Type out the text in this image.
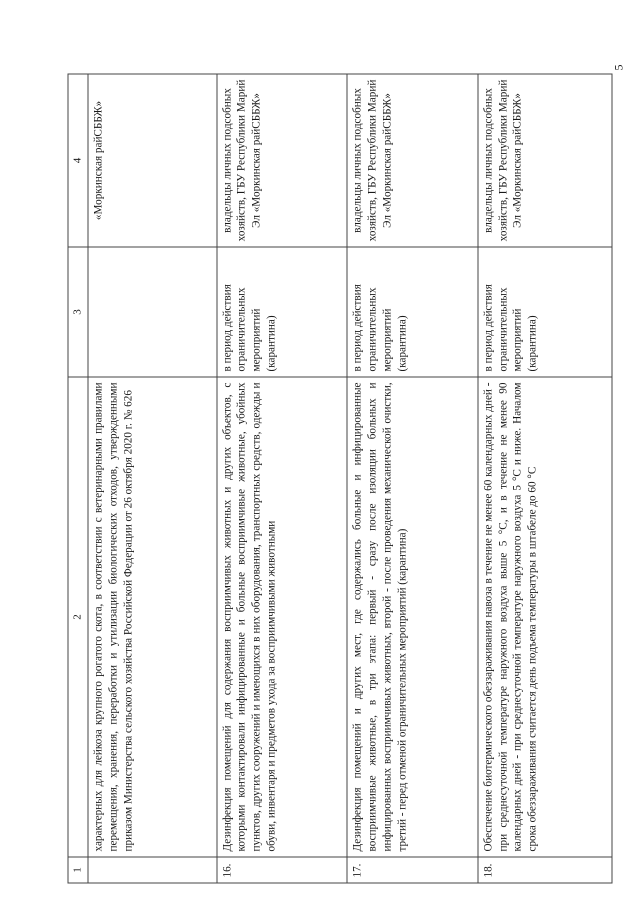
5
1	2	3	4
	характерных для лейкоза крупного рогатого скота, в соответствии с ветеринарными правилами перемещения, хранения, переработки и утилизации биологических отходов, утвержденными приказом Министерства сельского хозяйства Российской Федерации от 26 октября 2020 г. № 626		«Моркинская райСББЖ»
16.	Дезинфекция помещений для содержания восприимчивых животных и других объектов, с которыми контактировали инфицированные и больные восприимчивые животные, убойных пунктов, других сооружений и имеющихся в них оборудования, транспортных средств, одежды и обуви, инвентаря и предметов ухода за восприимчивыми животными	в период действия ограничительных мероприятий (карантина)	владельцы личных подсобных хозяйств, ГБУ Республики Марий Эл «Моркинская райСББЖ»
17.	Дезинфекция помещений и других мест, где содержались больные и инфицированные восприимчивые животные, в три этапа: первый - сразу после изоляции больных и инфицированных восприимчивых животных, второй - после проведения механической очистки, третий - перед отменой ограничительных мероприятий (карантина)	в период действия ограничительных мероприятий (карантина)	владельцы личных подсобных хозяйств, ГБУ Республики Марий Эл «Моркинская райСББЖ»
18.	Обеспечение биотермического обеззараживания навоза в течение не менее 60 календарных дней - при среднесуточной температуре наружного воздуха выше 5 °С, и в течение не менее 90 календарных дней - при среднесуточной температуре наружного воздуха 5 °С и ниже. Началом срока обеззараживания считается день подъема температуры в штабеле до 60 °С	в период действия ограничительных мероприятий (карантина)	владельцы личных подсобных хозяйств, ГБУ Республики Марий Эл «Моркинская райСББЖ»
